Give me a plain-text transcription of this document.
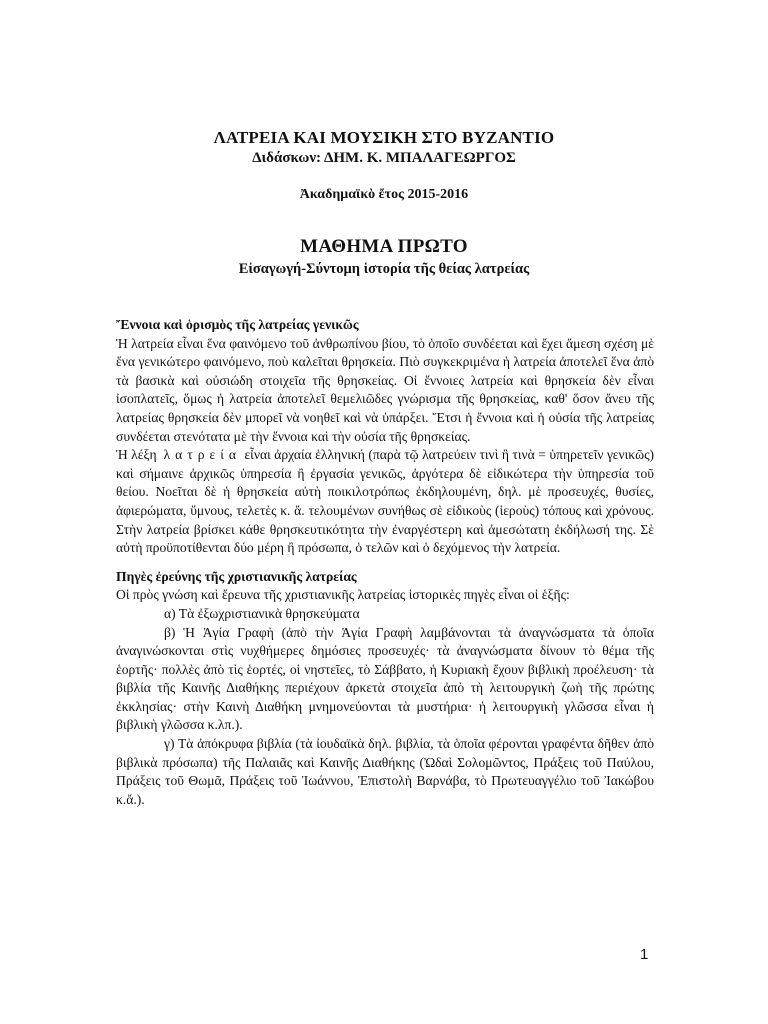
ΛΑΤΡΕΙΑ ΚΑΙ ΜΟΥΣΙΚΗ ΣΤΟ ΒΥΖΑΝΤΙΟ
Διδάσκων: ΔΗΜ. Κ. ΜΠΑΛΑΓΕΩΡΓΟΣ
Ἀκαδημαϊκὸ ἔτος 2015-2016
ΜΑΘΗΜΑ ΠΡΩΤΟ
Εἰσαγωγή-Σύντομη ἱστορία τῆς θείας λατρείας

Ἔννοια καὶ ὁρισμὸς τῆς λατρείας γενικῶς

Ἡ λατρεία εἶναι ἕνα φαινόμενο τοῦ ἀνθρωπίνου βίου, τὸ ὁποῖο συνδέεται καὶ ἔχει ἄμεση σχέση μὲ ἕνα γενικώτερο φαινόμενο, ποὺ καλεῖται θρησκεία. Πιὸ συγκεκριμένα ἡ λατρεία ἀποτελεῖ ἕνα ἀπὸ τὰ βασικὰ καὶ οὐσιώδη στοιχεῖα τῆς θρησκείας. Οἱ ἔννοιες λατρεία καὶ θρησκεία δὲν εἶναι ἰσοπλατεῖς, ὅμως ἡ λατρεία ἀποτελεῖ θεμελιῶδες γνώρισμα τῆς θρησκείας, καθ' ὅσον ἄνευ τῆς λατρείας θρησκεία δὲν μπορεῖ νὰ νοηθεῖ καὶ νὰ ὑπάρξει. Ἔτσι ἡ ἔννοια καὶ ἡ οὐσία τῆς λατρείας συνδέεται στενότατα μὲ τὴν ἔννοια καὶ τὴν οὐσία τῆς θρησκείας.

Ἡ λέξη λατρεία εἶναι ἀρχαία ἑλληνική (παρὰ τῷ λατρεύειν τινὶ ἢ τινὰ = ὑπηρετεῖν γενικῶς) καὶ σήμαινε ἀρχικῶς ὑπηρεσία ἢ ἐργασία γενικῶς, ἀργότερα δὲ εἰδικώτερα τὴν ὑπηρεσία τοῦ θείου. Νοεῖται δὲ ἡ θρησκεία αὐτὴ ποικιλοτρόπως ἐκδηλουμένη, δηλ. μὲ προσευχές, θυσίες, ἀφιερώματα, ὕμνους, τελετὲς κ. ἄ. τελουμένων συνήθως σὲ εἰδικοὺς (ἱεροὺς) τόπους καὶ χρόνους. Στὴν λατρεία βρίσκει κάθε θρησκευτικότητα τὴν ἐναργέστερη καὶ ἀμεσώτατη ἐκδήλωσή της. Σὲ αὐτὴ προϋποτίθενται δύο μέρη ἢ πρόσωπα, ὁ τελῶν καὶ ὁ δεχόμενος τὴν λατρεία.

Πηγὲς ἐρεύνης τῆς χριστιανικῆς λατρείας

Οἱ πρὸς γνώση καὶ ἔρευνα τῆς χριστιανικῆς λατρείας ἱστορικὲς πηγὲς εἶναι οἱ ἑξῆς:

α) Τὰ ἐξωχριστιανικὰ θρησκεύματα

β) Ἡ Ἁγία Γραφὴ (ἀπὸ τὴν Ἁγία Γραφὴ λαμβάνονται τὰ ἀναγνώσματα τὰ ὁποῖα ἀναγινώσκονται στὶς νυχθήμερες δημόσιες προσευχές· τὰ ἀναγνώσματα δίνουν τὸ θέμα τῆς ἑορτῆς· πολλὲς ἀπὸ τὶς ἑορτές, οἱ νηστεῖες, τὸ Σάββατο, ἡ Κυριακὴ ἔχουν βιβλικὴ προέλευση· τὰ βιβλία τῆς Καινῆς Διαθήκης περιέχουν ἀρκετὰ στοιχεῖα ἀπὸ τὴ λειτουργικὴ ζωὴ τῆς πρώτης ἐκκλησίας· στὴν Καινὴ Διαθήκη μνημονεύονται τὰ μυστήρια· ἡ λειτουργικὴ γλῶσσα εἶναι ἡ βιβλικὴ γλῶσσα κ.λπ.).

γ) Τὰ ἀπόκρυφα βιβλία (τὰ ἰουδαϊκὰ δηλ. βιβλία, τὰ ὁποῖα φέρονται γραφέντα δῆθεν ἀπὸ βιβλικὰ πρόσωπα) τῆς Παλαιᾶς καὶ Καινῆς Διαθήκης (Ὠδαὶ Σολομῶντος, Πράξεις τοῦ Παύλου, Πράξεις τοῦ Θωμᾶ, Πράξεις τοῦ Ἰωάννου, Ἐπιστολὴ Βαρνάβα, τὸ Πρωτευαγγέλιο τοῦ Ἰακώβου κ.ἄ.).

1
